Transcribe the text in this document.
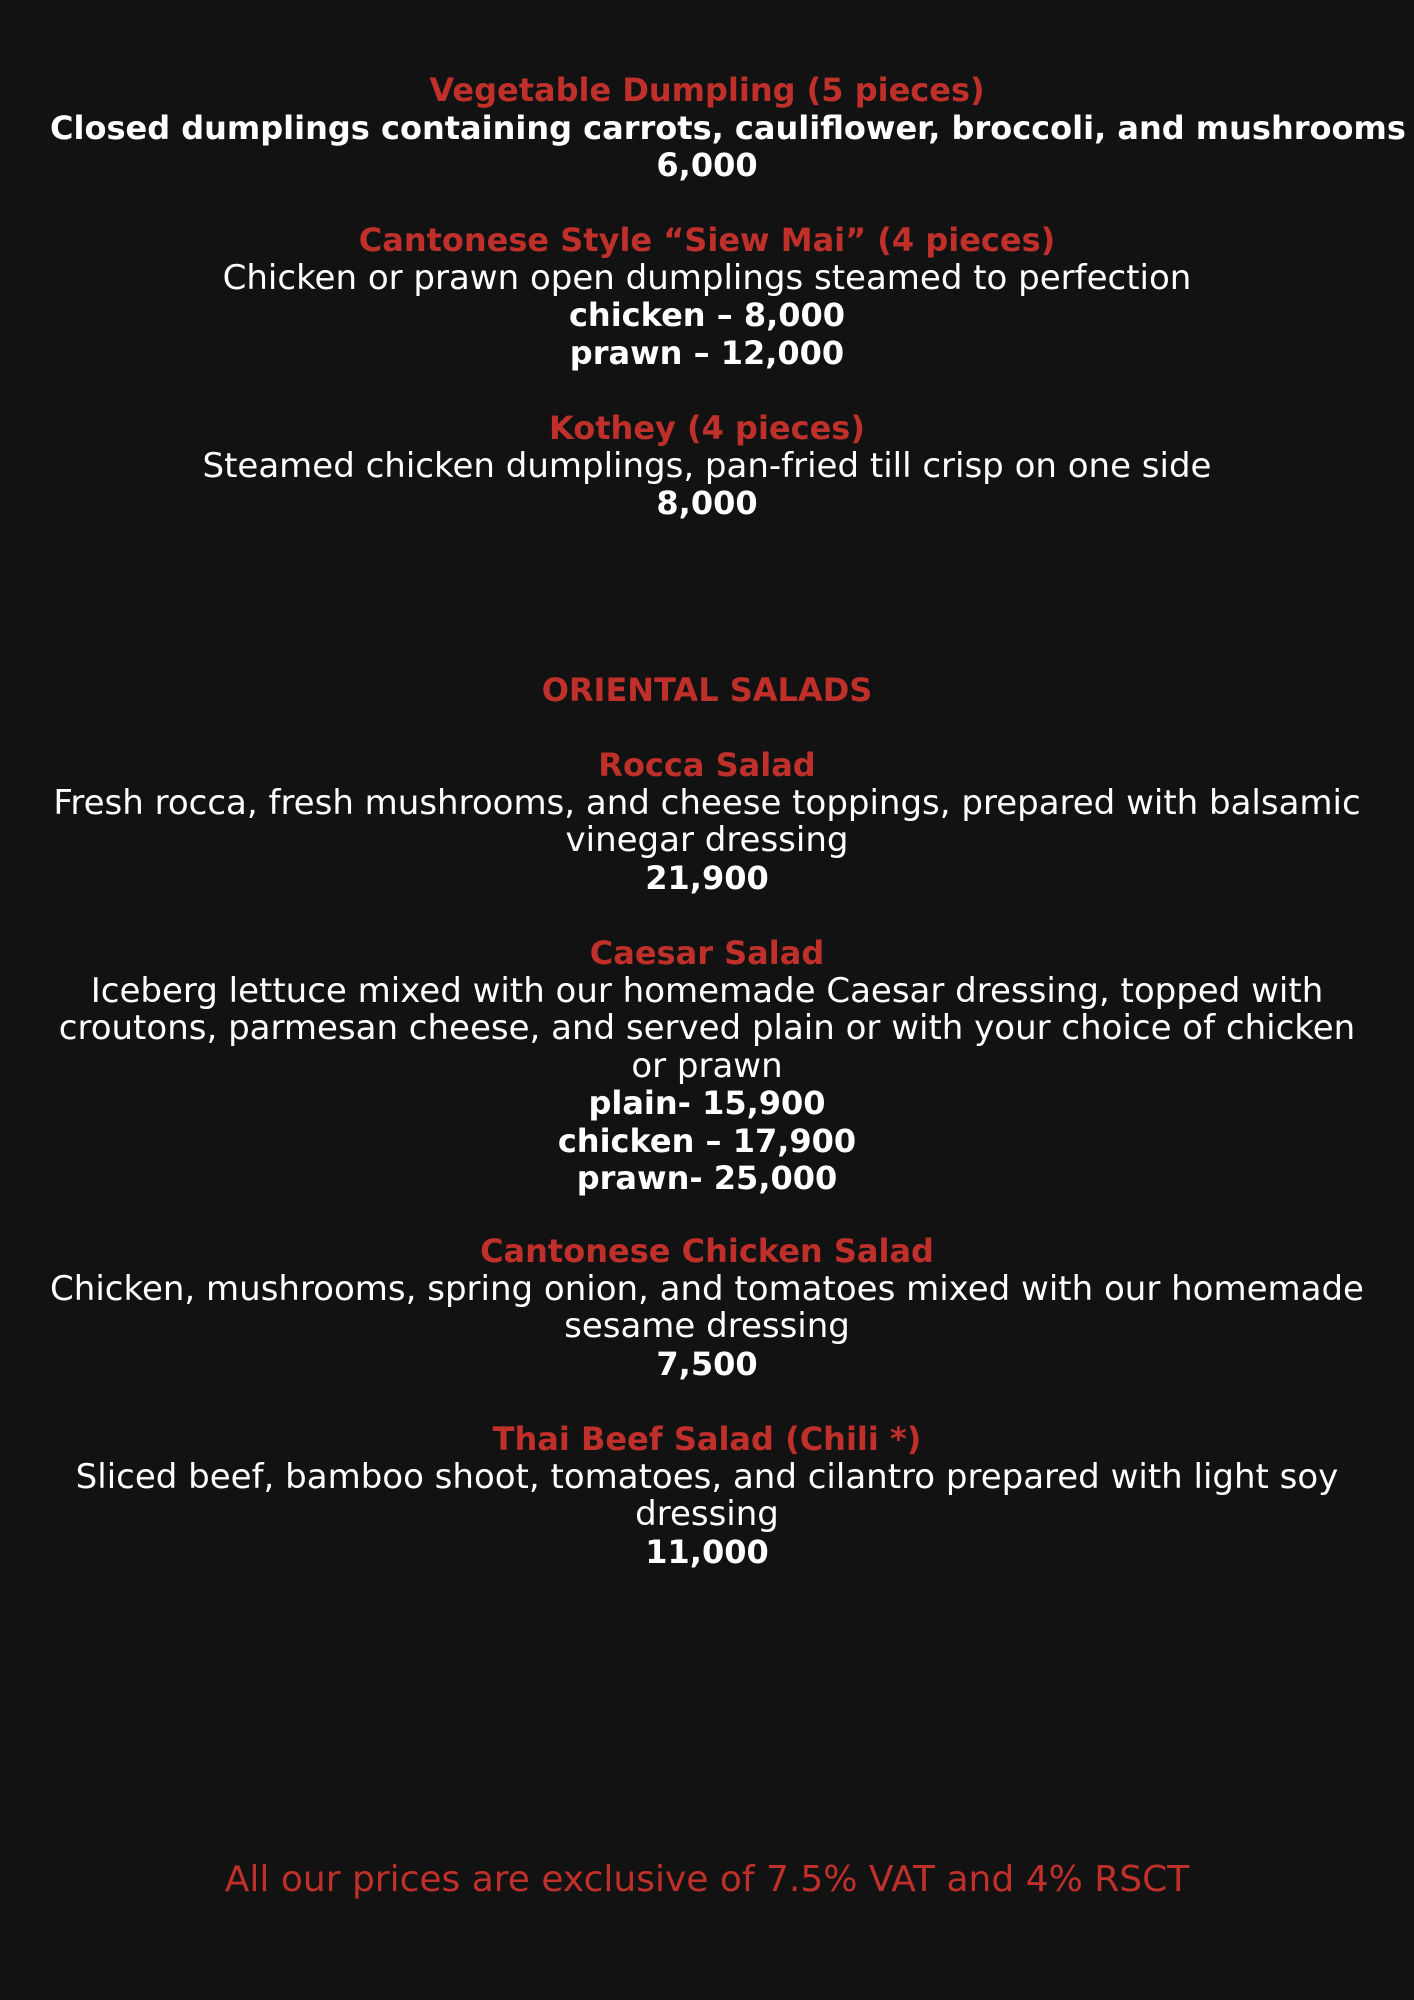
Vegetable Dumpling (5 pieces)
Closed dumplings containing carrots, cauliflower, broccoli, and mushrooms
6,000
Cantonese Style “Siew Mai” (4 pieces)
Chicken or prawn open dumplings steamed to perfection
chicken – 8,000
prawn – 12,000
Kothey (4 pieces)
Steamed chicken dumplings, pan-fried till crisp on one side
8,000
ORIENTAL SALADS
Rocca Salad
Fresh rocca, fresh mushrooms, and cheese toppings, prepared with balsamic
vinegar dressing
21,900
Caesar Salad
Iceberg lettuce mixed with our homemade Caesar dressing, topped with
croutons, parmesan cheese, and served plain or with your choice of chicken
or prawn
plain- 15,900
chicken – 17,900
prawn- 25,000
Cantonese Chicken Salad
Chicken, mushrooms, spring onion, and tomatoes mixed with our homemade
sesame dressing
7,500
Thai Beef Salad (Chili *)
Sliced beef, bamboo shoot, tomatoes, and cilantro prepared with light soy
dressing
11,000
All our prices are exclusive of 7.5% VAT and 4% RSCT
